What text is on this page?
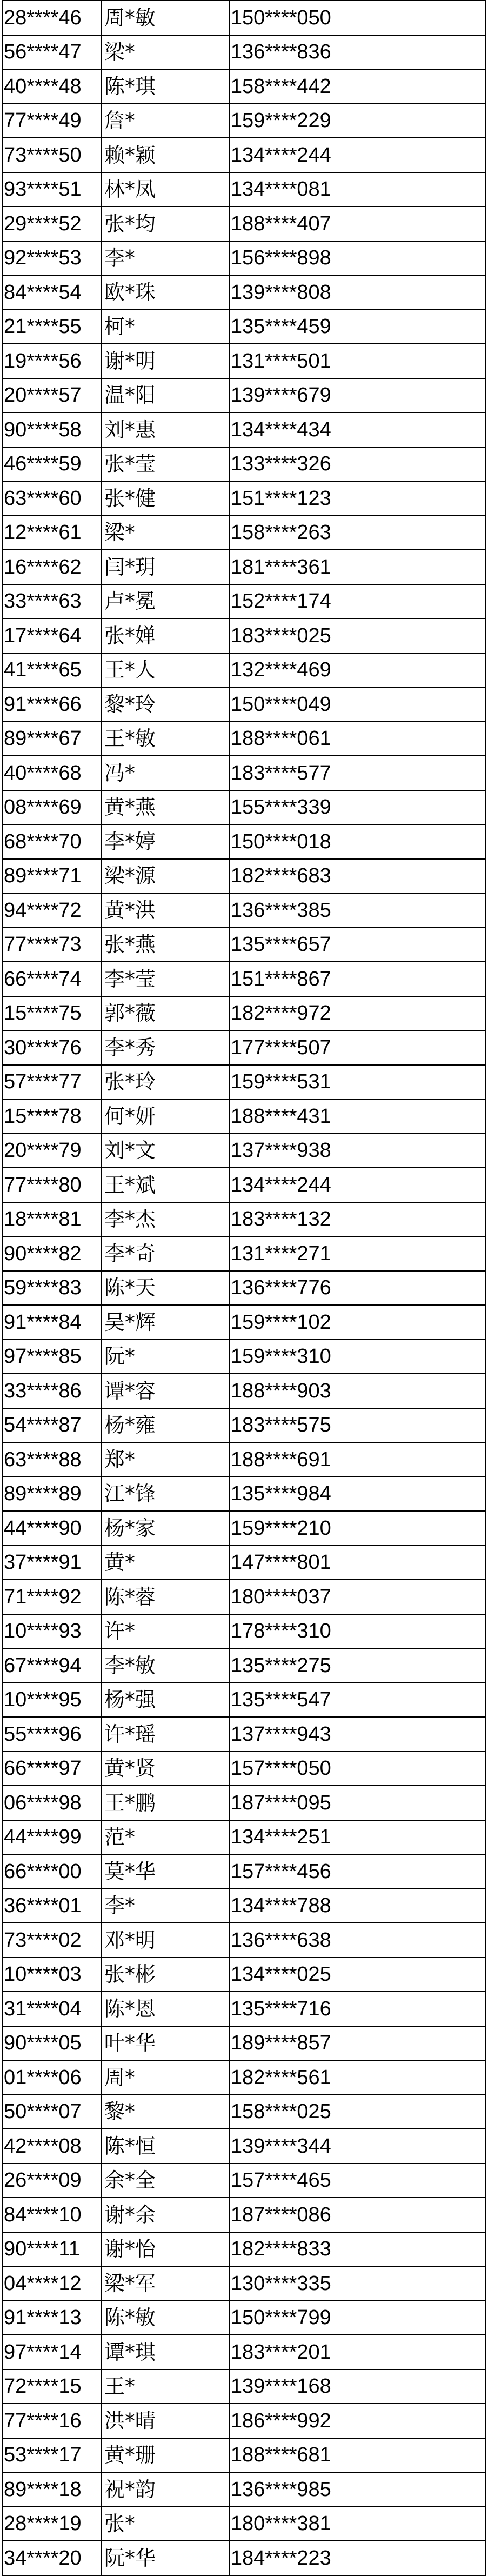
28****46	周*敏	150****050
56****47	梁*	136****836
40****48	陈*琪	158****442
77****49	詹*	159****229
73****50	赖*颖	134****244
93****51	林*凤	134****081
29****52	张*均	188****407
92****53	李*	156****898
84****54	欧*珠	139****808
21****55	柯*	135****459
19****56	谢*明	131****501
20****57	温*阳	139****679
90****58	刘*惠	134****434
46****59	张*莹	133****326
63****60	张*健	151****123
12****61	梁*	158****263
16****62	闫*玥	181****361
33****63	卢*冕	152****174
17****64	张*婵	183****025
41****65	王*人	132****469
91****66	黎*玲	150****049
89****67	王*敏	188****061
40****68	冯*	183****577
08****69	黄*燕	155****339
68****70	李*婷	150****018
89****71	梁*源	182****683
94****72	黄*洪	136****385
77****73	张*燕	135****657
66****74	李*莹	151****867
15****75	郭*薇	182****972
30****76	李*秀	177****507
57****77	张*玲	159****531
15****78	何*妍	188****431
20****79	刘*文	137****938
77****80	王*斌	134****244
18****81	李*杰	183****132
90****82	李*奇	131****271
59****83	陈*天	136****776
91****84	吴*辉	159****102
97****85	阮*	159****310
33****86	谭*容	188****903
54****87	杨*雍	183****575
63****88	郑*	188****691
89****89	江*锋	135****984
44****90	杨*家	159****210
37****91	黄*	147****801
71****92	陈*蓉	180****037
10****93	许*	178****310
67****94	李*敏	135****275
10****95	杨*强	135****547
55****96	许*瑶	137****943
66****97	黄*贤	157****050
06****98	王*鹏	187****095
44****99	范*	134****251
66****00	莫*华	157****456
36****01	李*	134****788
73****02	邓*明	136****638
10****03	张*彬	134****025
31****04	陈*恩	135****716
90****05	叶*华	189****857
01****06	周*	182****561
50****07	黎*	158****025
42****08	陈*恒	139****344
26****09	余*全	157****465
84****10	谢*余	187****086
90****11	谢*怡	182****833
04****12	梁*军	130****335
91****13	陈*敏	150****799
97****14	谭*琪	183****201
72****15	王*	139****168
77****16	洪*晴	186****992
53****17	黄*珊	188****681
89****18	祝*韵	136****985
28****19	张*	180****381
34****20	阮*华	184****223
